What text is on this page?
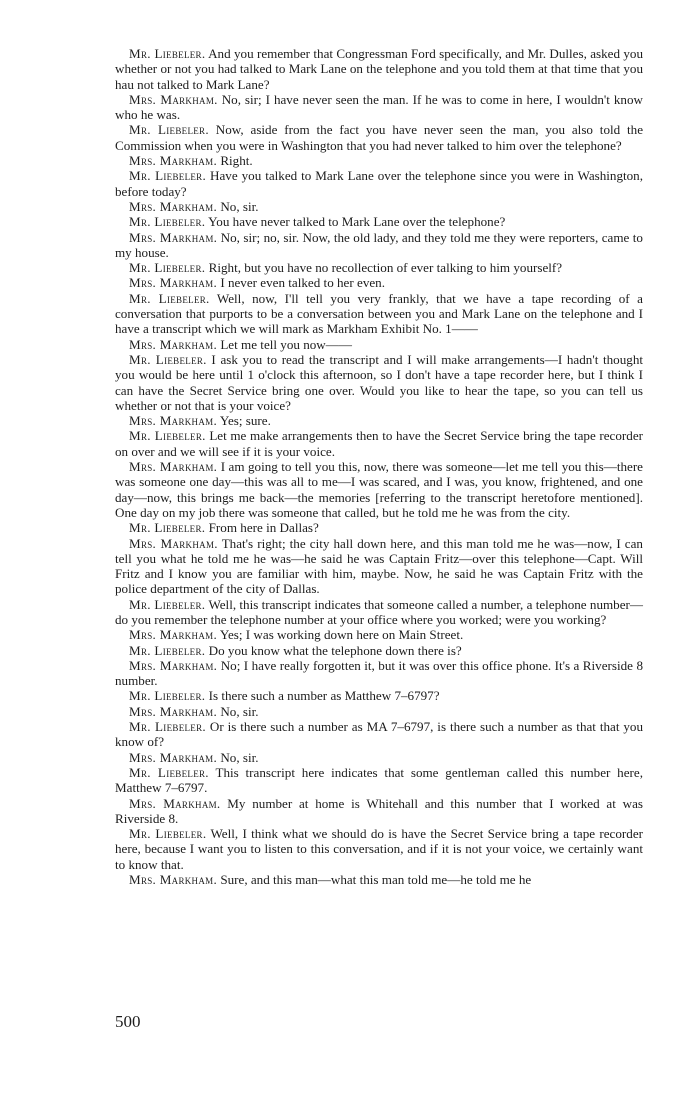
Mr. Liebeler. And you remember that Congressman Ford specifically, and Mr. Dulles, asked you whether or not you had talked to Mark Lane on the telephone and you told them at that time that you hau not talked to Mark Lane?

Mrs. Markham. No, sir; I have never seen the man. If he was to come in here, I wouldn't know who he was.

Mr. Liebeler. Now, aside from the fact you have never seen the man, you also told the Commission when you were in Washington that you had never talked to him over the telephone?

Mrs. Markham. Right.

Mr. Liebeler. Have you talked to Mark Lane over the telephone since you were in Washington, before today?

Mrs. Markham. No, sir.

Mr. Liebeler. You have never talked to Mark Lane over the telephone?

Mrs. Markham. No, sir; no, sir. Now, the old lady, and they told me they were reporters, came to my house.

Mr. Liebeler. Right, but you have no recollection of ever talking to him yourself?

Mrs. Markham. I never even talked to her even.

Mr. Liebeler. Well, now, I'll tell you very frankly, that we have a tape recording of a conversation that purports to be a conversation between you and Mark Lane on the telephone and I have a transcript which we will mark as Markham Exhibit No. 1——

Mrs. Markham. Let me tell you now——

Mr. Liebeler. I ask you to read the transcript and I will make arrangements—I hadn't thought you would be here until 1 o'clock this afternoon, so I don't have a tape recorder here, but I think I can have the Secret Service bring one over. Would you like to hear the tape, so you can tell us whether or not that is your voice?

Mrs. Markham. Yes; sure.

Mr. Liebeler. Let me make arrangements then to have the Secret Service bring the tape recorder on over and we will see if it is your voice.

Mrs. Markham. I am going to tell you this, now, there was someone—let me tell you this—there was someone one day—this was all to me—I was scared, and I was, you know, frightened, and one day—now, this brings me back—the memories [referring to the transcript heretofore mentioned]. One day on my job there was someone that called, but he told me he was from the city.

Mr. Liebeler. From here in Dallas?

Mrs. Markham. That's right; the city hall down here, and this man told me he was—now, I can tell you what he told me he was—he said he was Captain Fritz—over this telephone—Capt. Will Fritz and I know you are familiar with him, maybe. Now, he said he was Captain Fritz with the police department of the city of Dallas.

Mr. Liebeler. Well, this transcript indicates that someone called a number, a telephone number—do you remember the telephone number at your office where you worked; were you working?

Mrs. Markham. Yes; I was working down here on Main Street.

Mr. Liebeler. Do you know what the telephone down there is?

Mrs. Markham. No; I have really forgotten it, but it was over this office phone. It's a Riverside 8 number.

Mr. Liebeler. Is there such a number as Matthew 7–6797?

Mrs. Markham. No, sir.

Mr. Liebeler. Or is there such a number as MA 7–6797, is there such a number as that that you know of?

Mrs. Markham. No, sir.

Mr. Liebeler. This transcript here indicates that some gentleman called this number here, Matthew 7–6797.

Mrs. Markham. My number at home is Whitehall and this number that I worked at was Riverside 8.

Mr. Liebeler. Well, I think what we should do is have the Secret Service bring a tape recorder here, because I want you to listen to this conversation, and if it is not your voice, we certainly want to know that.

Mrs. Markham. Sure, and this man—what this man told me—he told me he

500
